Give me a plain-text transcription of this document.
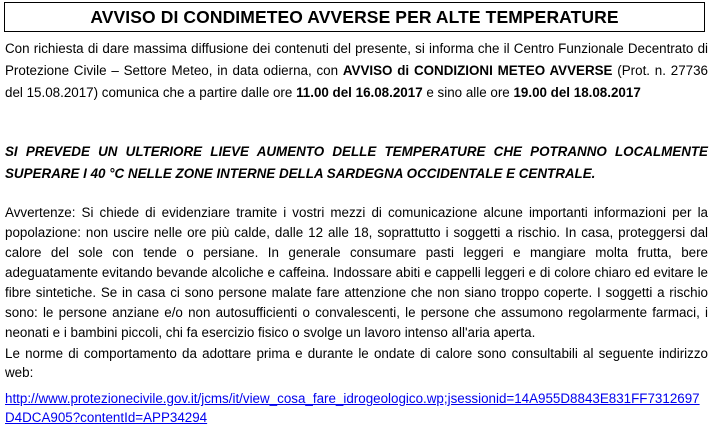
AVVISO DI CONDIMETEO AVVERSE PER ALTE TEMPERATURE

Con richiesta di dare massima diffusione dei contenuti del presente, si informa che il Centro Funzionale Decentrato di Protezione Civile – Settore Meteo, in data odierna, con AVVISO di CONDIZIONI METEO AVVERSE (Prot. n. 27736 del 15.08.2017) comunica che a partire dalle ore 11.00 del 16.08.2017 e sino alle ore 19.00 del 18.08.2017

SI PREVEDE UN ULTERIORE LIEVE AUMENTO DELLE TEMPERATURE CHE POTRANNO LOCALMENTE SUPERARE I 40 °C NELLE ZONE INTERNE DELLA SARDEGNA OCCIDENTALE E CENTRALE.

Avvertenze: Si chiede di evidenziare tramite i vostri mezzi di comunicazione alcune importanti informazioni per la popolazione: non uscire nelle ore più calde, dalle 12 alle 18, soprattutto i soggetti a rischio. In casa, proteggersi dal calore del sole con tende o persiane. In generale consumare pasti leggeri e mangiare molta frutta, bere adeguatamente evitando bevande alcoliche e caffeina. Indossare abiti e cappelli leggeri e di colore chiaro ed evitare le fibre sintetiche. Se in casa ci sono persone malate fare attenzione che non siano troppo coperte. I soggetti a rischio sono: le persone anziane e/o non autosufficienti o convalescenti, le persone che assumono regolarmente farmaci, i neonati e i bambini piccoli, chi fa esercizio fisico o svolge un lavoro intenso all'aria aperta.

Le norme di comportamento da adottare prima e durante le ondate di calore sono consultabili al seguente indirizzo web:

http://www.protezionecivile.gov.it/jcms/it/view_cosa_fare_idrogeologico.wp;jsessionid=14A955D8843E831FF7312697D4DCA905?contentId=APP34294
